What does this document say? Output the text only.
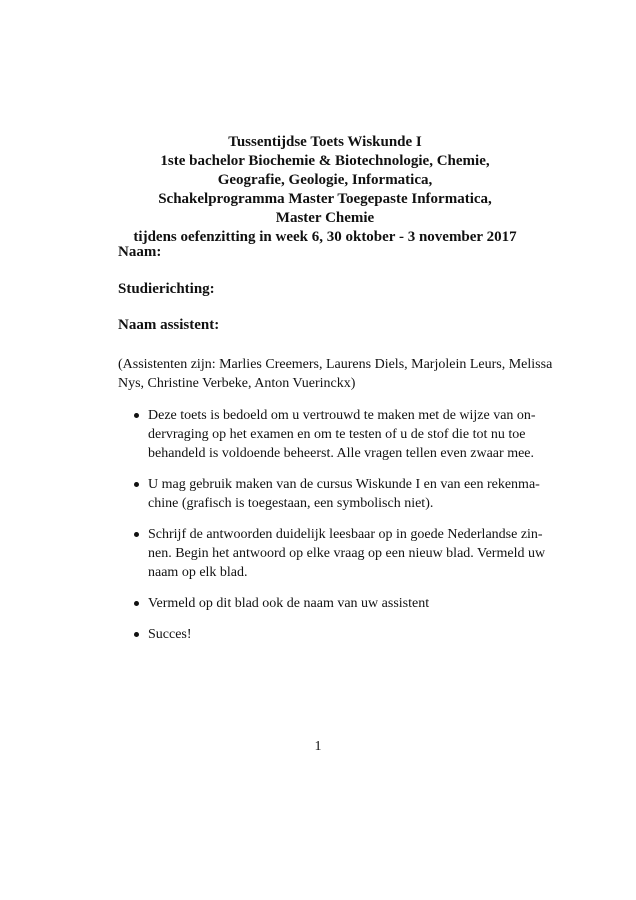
Tussentijdse Toets Wiskunde I
1ste bachelor Biochemie & Biotechnologie, Chemie,
Geografie, Geologie, Informatica,
Schakelprogramma Master Toegepaste Informatica,
Master Chemie
tijdens oefenzitting in week 6, 30 oktober - 3 november 2017
Naam:
Studierichting:
Naam assistent:
(Assistenten zijn: Marlies Creemers, Laurens Diels, Marjolein Leurs, Melissa
Nys, Christine Verbeke, Anton Vuerinckx)
Deze toets is bedoeld om u vertrouwd te maken met de wijze van on-
dervraging op het examen en om te testen of u de stof die tot nu toe
behandeld is voldoende beheerst. Alle vragen tellen even zwaar mee.
U mag gebruik maken van de cursus Wiskunde I en van een rekenma-
chine (grafisch is toegestaan, een symbolisch niet).
Schrijf de antwoorden duidelijk leesbaar op in goede Nederlandse zin-
nen. Begin het antwoord op elke vraag op een nieuw blad. Vermeld uw
naam op elk blad.
Vermeld op dit blad ook de naam van uw assistent
Succes!
1
